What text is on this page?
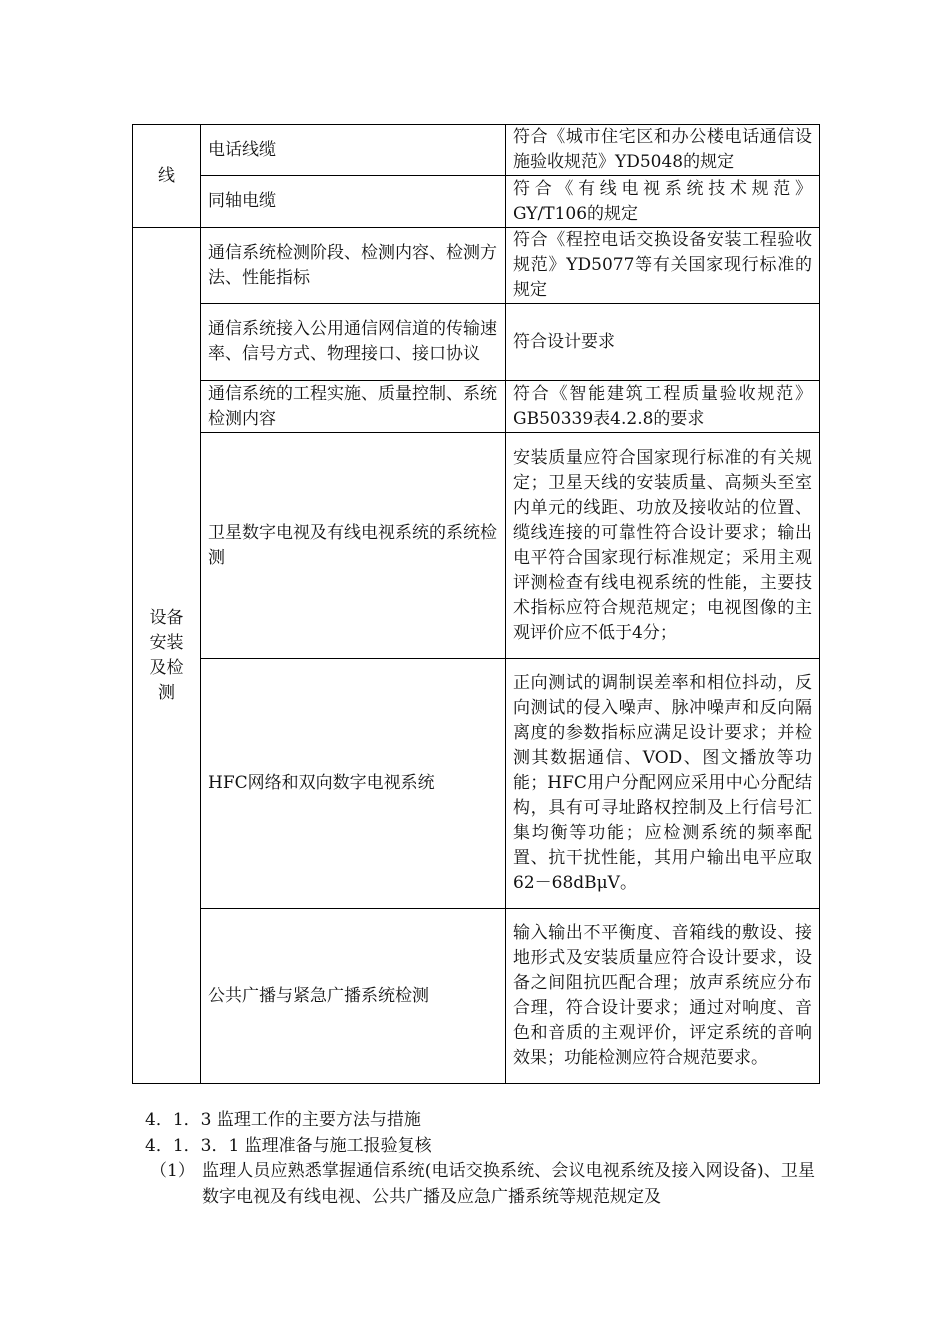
线	电话线缆	符合《城市住宅区和办公楼电话通信设施验收规范》YD5048的规定
	同轴电缆	符合《有线电视系统技术规范》GY/T106的规定

设备安装及检测	通信系统检测阶段、检测内容、检测方法、性能指标	符合《程控电话交换设备安装工程验收规范》YD5077等有关国家现行标准的规定
	通信系统接入公用通信网信道的传输速率、信号方式、物理接口、接口协议	符合设计要求
	通信系统的工程实施、质量控制、系统检测内容	符合《智能建筑工程质量验收规范》GB50339表4.2.8的要求
	卫星数字电视及有线电视系统的系统检测	安装质量应符合国家现行标准的有关规定；卫星天线的安装质量、高频头至室内单元的线距、功放及接收站的位置、缆线连接的可靠性符合设计要求；输出电平符合国家现行标准规定；采用主观评测检查有线电视系统的性能，主要技术指标应符合规范规定；电视图像的主观评价应不低于4分；
	HFC网络和双向数字电视系统	正向测试的调制误差率和相位抖动，反向测试的侵入噪声、脉冲噪声和反向隔离度的参数指标应满足设计要求；并检测其数据通信、VOD、图文播放等功能；HFC用户分配网应采用中心分配结构，具有可寻址路权控制及上行信号汇集均衡等功能；应检测系统的频率配置、抗干扰性能，其用户输出电平应取62－68dBμV。
	公共广播与紧急广播系统检测	输入输出不平衡度、音箱线的敷设、接地形式及安装质量应符合设计要求，设备之间阻抗匹配合理；放声系统应分布合理，符合设计要求；通过对响度、音色和音质的主观评价，评定系统的音响效果；功能检测应符合规范要求。
4．1．3 监理工作的主要方法与措施
4．1．3．1 监理准备与施工报验复核
（1） 监理人员应熟悉掌握通信系统(电话交换系统、会议电视系统及接入网设备)、卫星数字电视及有线电视、公共广播及应急广播系统等规范规定及
